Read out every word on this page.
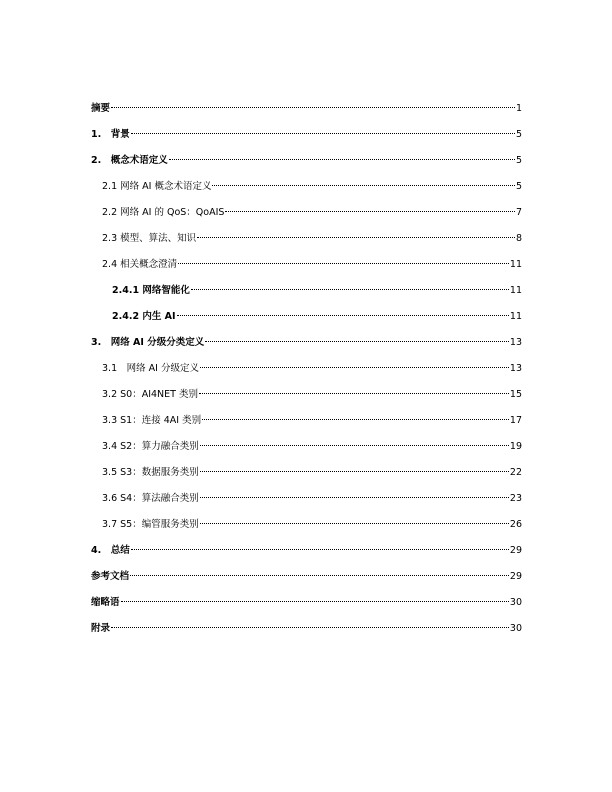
摘要	1
1.　背景	5
2.　概念术语定义	5
2.1 网络 AI 概念术语定义	5
2.2 网络 AI 的 QoS：QoAIS	7
2.3 模型、算法、知识	8
2.4 相关概念澄清	11
2.4.1 网络智能化	11
2.4.2 内生 AI	11
3.　网络 AI 分级分类定义	13
3.1　网络 AI 分级定义	13
3.2 S0：AI4NET 类别	15
3.3 S1：连接 4AI 类别	17
3.4 S2：算力融合类别	19
3.5 S3：数据服务类别	22
3.6 S4：算法融合类别	23
3.7 S5：编管服务类别	26
4.　总结	29
参考文档	29
缩略语	30
附录	30
